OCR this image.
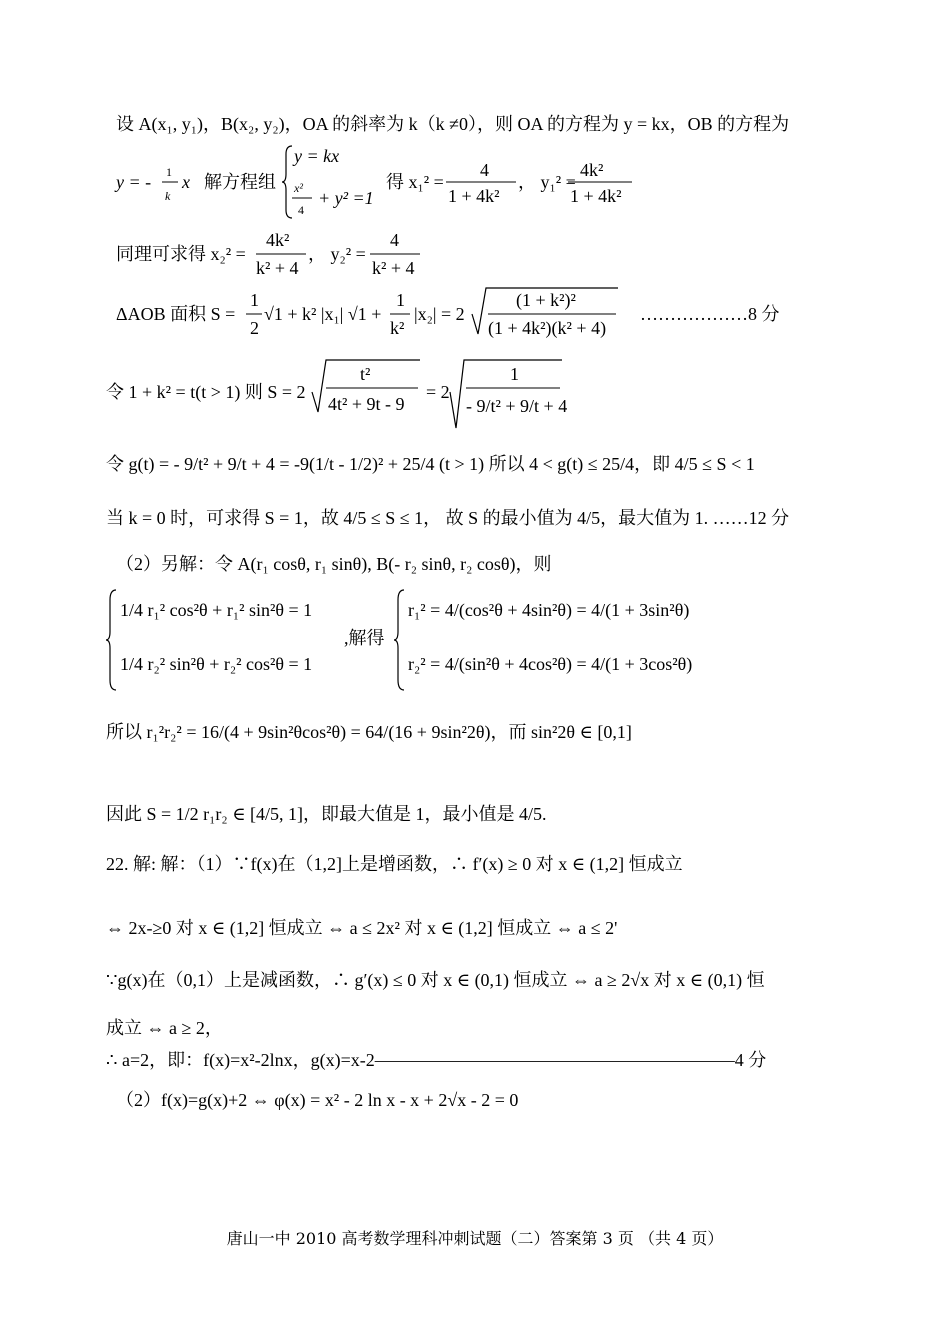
设 A(x₁, y₁)，B(x₂, y₂)，OA 的斜率为 k（k ≠0），则 OA 的方程为 y = kx，OB 的方程为
y = - 1
k
x 解方程组
y = kx
x²
4
+ y² =1
得 x₁² =
4
1 + 4k²
， y₁² =
4k²
1 + 4k²
同理可求得 x₂² =
4k²
k² + 4
， y₂² =
4
k² + 4
ΔAOB 面积 S =
1
2
√1 + k² |x₁| √1 +
1
k²
|x₂| = 2
(1 + k²)²
(1 + 4k²)(k² + 4)
………………8 分
令 1 + k² = t(t > 1) 则 S = 2
t²
4t² + 9t - 9
= 2
1
- 9/t² + 9/t + 4
令 g(t) = - 9/t² + 9/t + 4 = -9(1/t - 1/2)² + 25/4 (t > 1) 所以 4 < g(t) ≤ 25/4，即 4/5 ≤ S < 1
当 k = 0 时，可求得 S = 1，故 4/5 ≤ S ≤ 1， 故 S 的最小值为 4/5，最大值为 1. ……12 分
（2）另解：令 A(r₁ cosθ, r₁ sinθ), B(- r₂ sinθ, r₂ cosθ)，则
1/4 r₁² cos²θ + r₁² sin²θ = 1
1/4 r₂² sin²θ + r₂² cos²θ = 1
,解得
r₁² = 4/(cos²θ + 4sin²θ) = 4/(1 + 3sin²θ)
r₂² = 4/(sin²θ + 4cos²θ) = 4/(1 + 3cos²θ)
所以 r₁²r₂² = 16/(4 + 9sin²θcos²θ) = 64/(16 + 9sin²2θ)，而 sin²2θ ∈ [0,1]
因此 S = 1/2 r₁r₂ ∈ [4/5, 1]，即最大值是 1，最小值是 4/5.
22. 解: 解：（1）∵f(x)在（1,2]上是增函数，∴ f′(x) ≥ 0 对 x ∈ (1,2] 恒成立
⇔ 2x-≥0 对 x ∈ (1,2] 恒成立 ⇔ a ≤ 2x² 对 x ∈ (1,2] 恒成立 ⇔ a ≤ 2'
∵g(x)在（0,1）上是减函数，∴ g′(x) ≤ 0 对 x ∈ (0,1) 恒成立 ⇔ a ≥ 2√x 对 x ∈ (0,1) 恒
成立 ⇔ a ≥ 2，
∴ a=2，即：f(x)=x²-2lnx，g(x)=x-2————————————————————4 分
（2）f(x)=g(x)+2 ⇔ φ(x) = x² - 2 ln x - x + 2√x - 2 = 0
唐山一中 2010 高考数学理科冲刺试题（二）答案第 3 页 （共 4 页）
